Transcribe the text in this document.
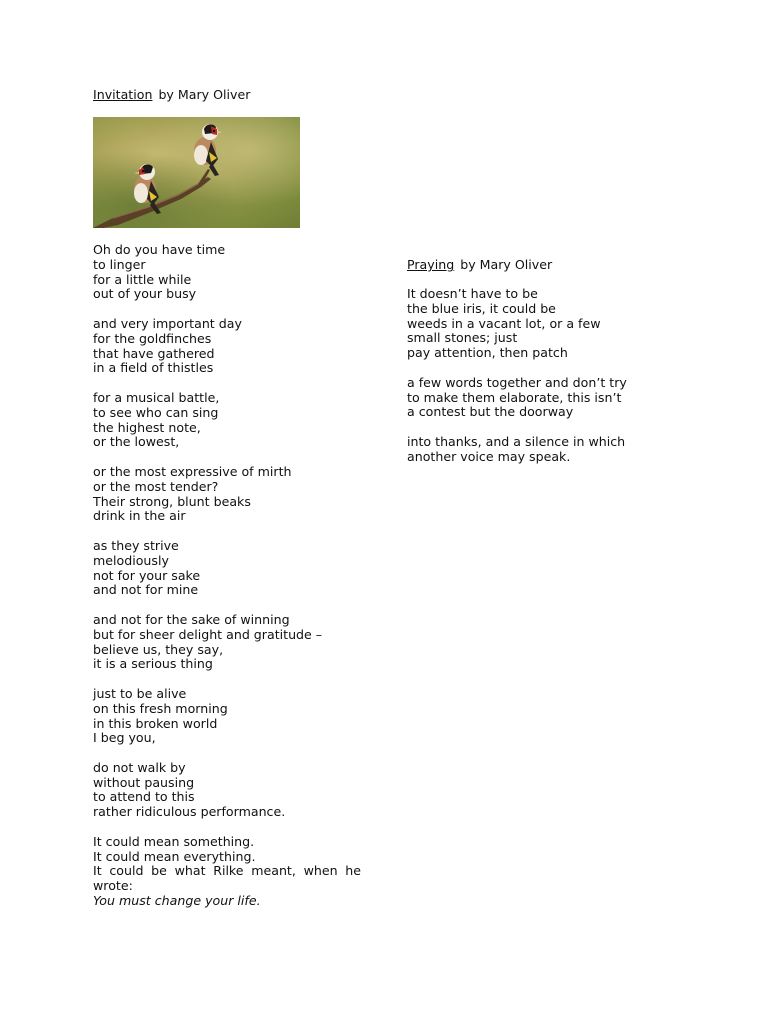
Invitation by Mary Oliver
Oh do you have time
to linger
for a little while
out of your busy
and very important day
for the goldfinches
that have gathered
in a field of thistles
for a musical battle,
to see who can sing
the highest note,
or the lowest,
or the most expressive of mirth
or the most tender?
Their strong, blunt beaks
drink in the air
as they strive
melodiously
not for your sake
and not for mine
and not for the sake of winning
but for sheer delight and gratitude –
believe us, they say,
it is a serious thing
just to be alive
on this fresh morning
in this broken world
I beg you,
do not walk by
without pausing
to attend to this
rather ridiculous performance.
It could mean something.
It could mean everything.
It could be what Rilke meant, when he
wrote:
You must change your life.
Praying by Mary Oliver
It doesn’t have to be
the blue iris, it could be
weeds in a vacant lot, or a few
small stones; just
pay attention, then patch
a few words together and don’t try
to make them elaborate, this isn’t
a contest but the doorway
into thanks, and a silence in which
another voice may speak.
